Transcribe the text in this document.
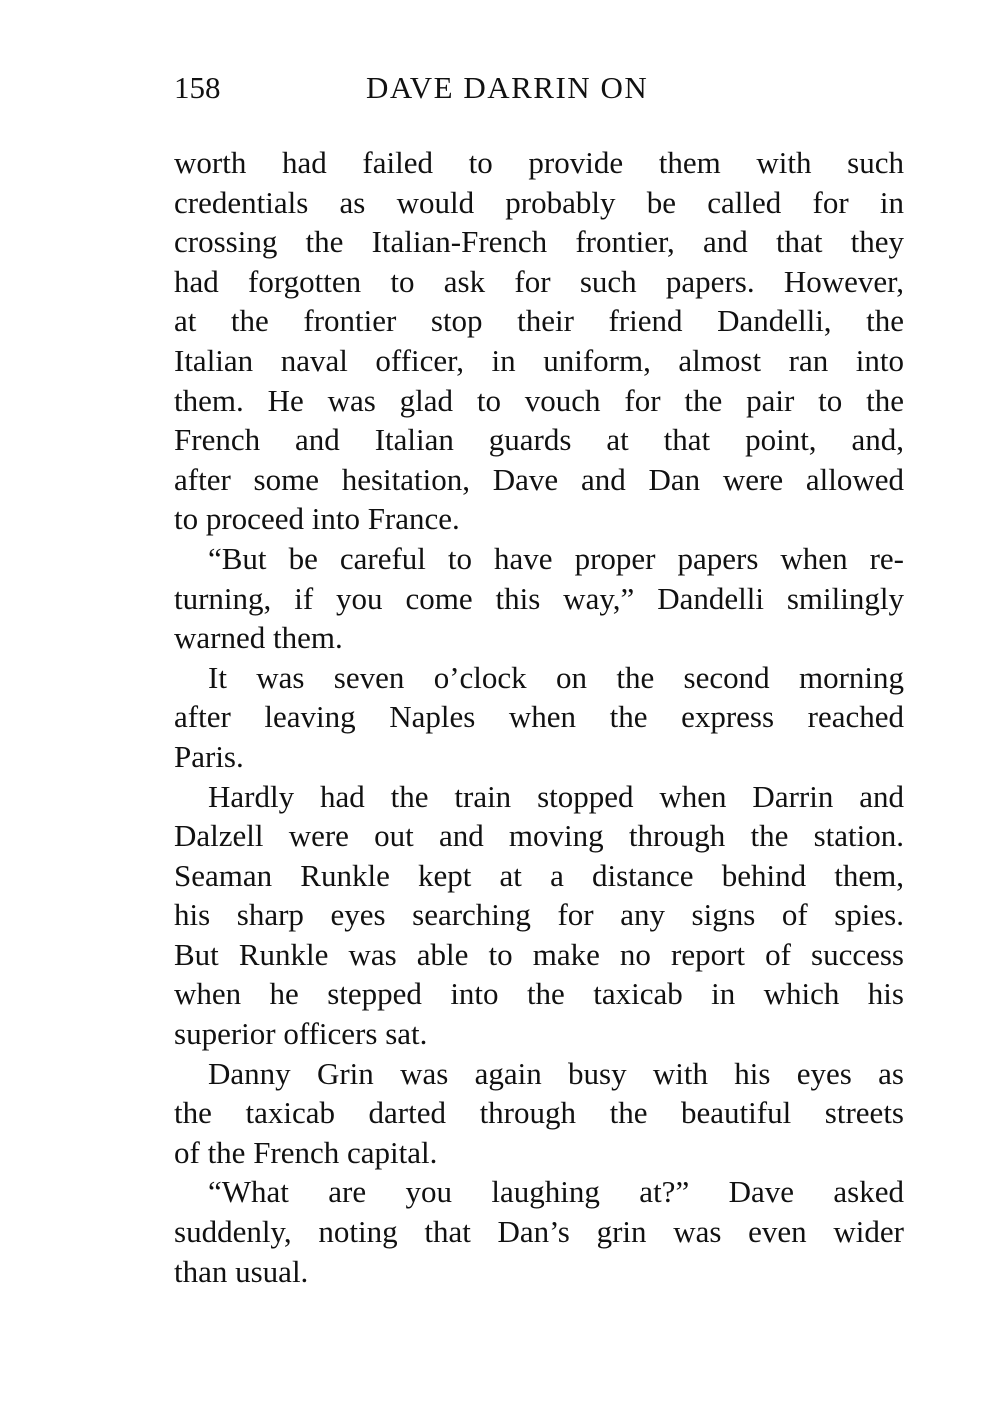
158	DAVE DARRIN ON
worth had failed to provide them with such
credentials as would probably be called for in
crossing the Italian-French frontier, and that they
had forgotten to ask for such papers. However,
at the frontier stop their friend Dandelli, the
Italian naval officer, in uniform, almost ran into
them. He was glad to vouch for the pair to the
French and Italian guards at that point, and,
after some hesitation, Dave and Dan were allowed
to proceed into France.
“But be careful to have proper papers when re-
turning, if you come this way,” Dandelli smilingly
warned them.
It was seven o’clock on the second morning
after leaving Naples when the express reached
Paris.
Hardly had the train stopped when Darrin and
Dalzell were out and moving through the station.
Seaman Runkle kept at a distance behind them,
his sharp eyes searching for any signs of spies.
But Runkle was able to make no report of success
when he stepped into the taxicab in which his
superior officers sat.
Danny Grin was again busy with his eyes as
the taxicab darted through the beautiful streets
of the French capital.
“What are you laughing at?” Dave asked
suddenly, noting that Dan’s grin was even wider
than usual.
